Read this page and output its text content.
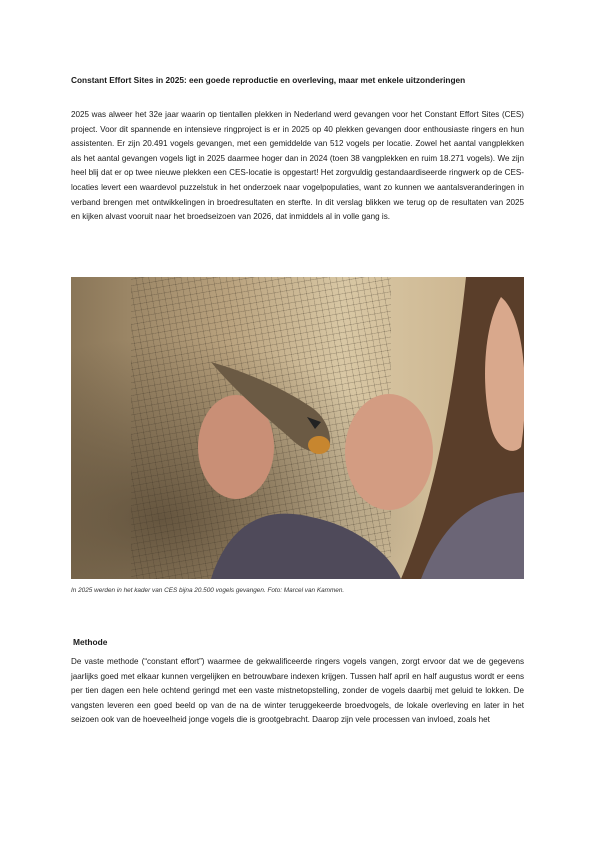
Constant Effort Sites in 2025: een goede reproductie en overleving, maar met enkele uitzonderingen

2025 was alweer het 32e jaar waarin op tientallen plekken in Nederland werd gevangen voor het Constant Effort Sites (CES) project. Voor dit spannende en intensieve ringproject is er in 2025 op 40 plekken gevangen door enthousiaste ringers en hun assistenten. Er zijn 20.491 vogels gevangen, met een gemiddelde van 512 vogels per locatie. Zowel het aantal vangplekken als het aantal gevangen vogels ligt in 2025 daarmee hoger dan in 2024 (toen 38 vangplekken en ruim 18.271 vogels). We zijn heel blij dat er op twee nieuwe plekken een CES-locatie is opgestart! Het zorgvuldig gestandaardiseerde ringwerk op de CES-locaties levert een waardevol puzzelstuk in het onderzoek naar vogelpopulaties, want zo kunnen we aantalsveranderingen in verband brengen met ontwikkelingen in broedresultaten en sterfte. In dit verslag blikken we terug op de resultaten van 2025 en kijken alvast vooruit naar het broedseizoen van 2026, dat inmiddels al in volle gang is.

In 2025 werden in het kader van CES bijna 20.500 vogels gevangen. Foto: Marcel van Kammen.
Methode

De vaste methode (“constant effort”) waarmee de gekwalificeerde ringers vogels vangen, zorgt ervoor dat we de gegevens jaarlijks goed met elkaar kunnen vergelijken en betrouwbare indexen krijgen. Tussen half april en half augustus wordt er eens per tien dagen een hele ochtend geringd met een vaste mistnetopstelling, zonder de vogels daarbij met geluid te lokken. De vangsten leveren een goed beeld op van de na de winter teruggekeerde broedvogels, de lokale overleving en later in het seizoen ook van de hoeveelheid jonge vogels die is grootgebracht. Daarop zijn vele processen van invloed, zoals het
